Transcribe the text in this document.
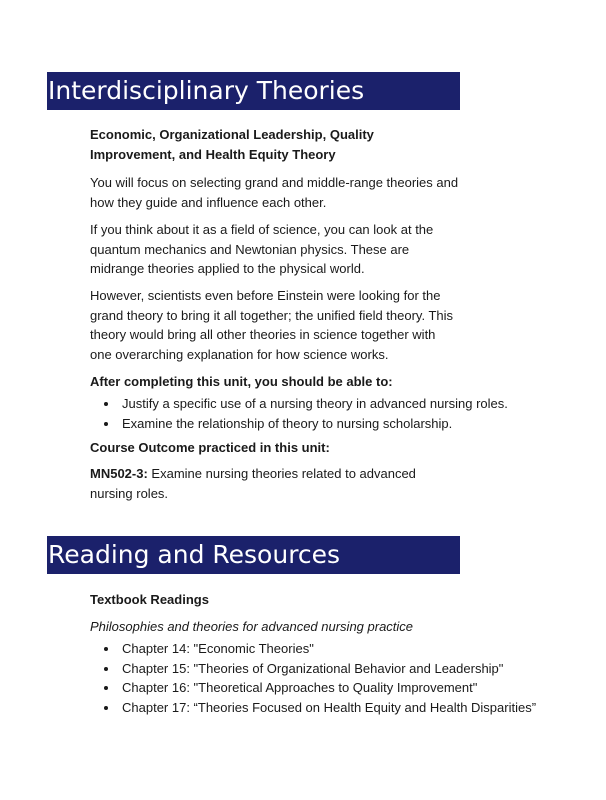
Interdisciplinary Theories
Economic, Organizational Leadership, Quality
Improvement, and Health Equity Theory
You will focus on selecting grand and middle-range theories and
how they guide and influence each other.
If you think about it as a field of science, you can look at the
quantum mechanics and Newtonian physics. These are
midrange theories applied to the physical world.
However, scientists even before Einstein were looking for the
grand theory to bring it all together; the unified field theory. This
theory would bring all other theories in science together with
one overarching explanation for how science works.
After completing this unit, you should be able to:
Justify a specific use of a nursing theory in advanced nursing roles.
Examine the relationship of theory to nursing scholarship.
Course Outcome practiced in this unit:
MN502-3: Examine nursing theories related to advanced
nursing roles.
Reading and Resources
Textbook Readings
Philosophies and theories for advanced nursing practice
Chapter 14: "Economic Theories"
Chapter 15: "Theories of Organizational Behavior and Leadership"
Chapter 16: "Theoretical Approaches to Quality Improvement"
Chapter 17: “Theories Focused on Health Equity and Health Disparities”
